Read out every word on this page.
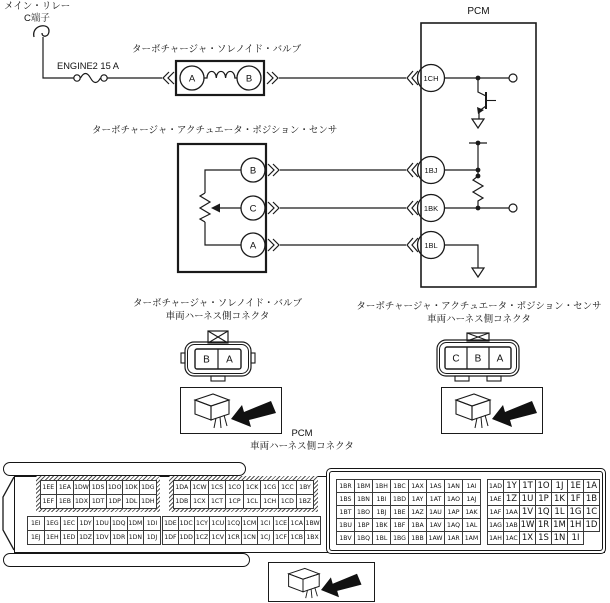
A	B	1CH
B
C
A
1BJ
1BK
1BL
メイン・リレー
C端子
ENGINE2 15 A
ターボチャージャ・ソレノイド・バルブ
PCM
ターボチャージャ・アクチュエータ・ポジション・センサ
ターボチャージャ・ソレノイド・バルブ
車両ハーネス側コネクタ
B A
ターボチャージャ・アクチュエータ・ポジション・センサ
車両ハーネス側コネクタ
C B A
PCM
車両ハーネス側コネクタ
1EE 1EA 1DW 1DS 1DO 1DK 1DG
1EF 1EB 1DX 1DT 1DP 1DL 1DH
1DA 1CW 1CS 1CO 1CK 1CG 1CC 1BY
1DB 1CX 1CT 1CP 1CL 1CH 1CD 1BZ
1EI 1EG 1EC 1DY 1DU 1DQ 1DM 1DI
1EJ 1EH 1ED 1DZ 1DV 1DR 1DN 1DJ
1DE 1DC 1CY 1CU 1CQ 1CM 1CI 1CE 1CA 1BW
1DF 1DD 1CZ 1CV 1CR 1CN 1CJ 1CF 1CB 1BX
1BR 1BM 1BH 1BC 1AX 1AS 1AN	1AI
1BS 1BN	1BI	1BD 1AY	1AT 1AO	1AJ
1BT 1BO	1BJ	1BE 1AZ 1AU 1AP 1AK
1BU 1BP 1BK 1BF 1BA 1AV 1AQ 1AL
1BV 1BQ 1BL 1BG 1BB 1AW 1AR 1AM
1AD 1Y 1T 1O 1J 1E 1A
1AE 1Z 1U 1P 1K 1F 1B
1AF 1AA 1V 1Q 1L 1G 1C
1AG 1AB 1W 1R 1M 1H 1D
1AH 1AC 1X 1S 1N 1I
